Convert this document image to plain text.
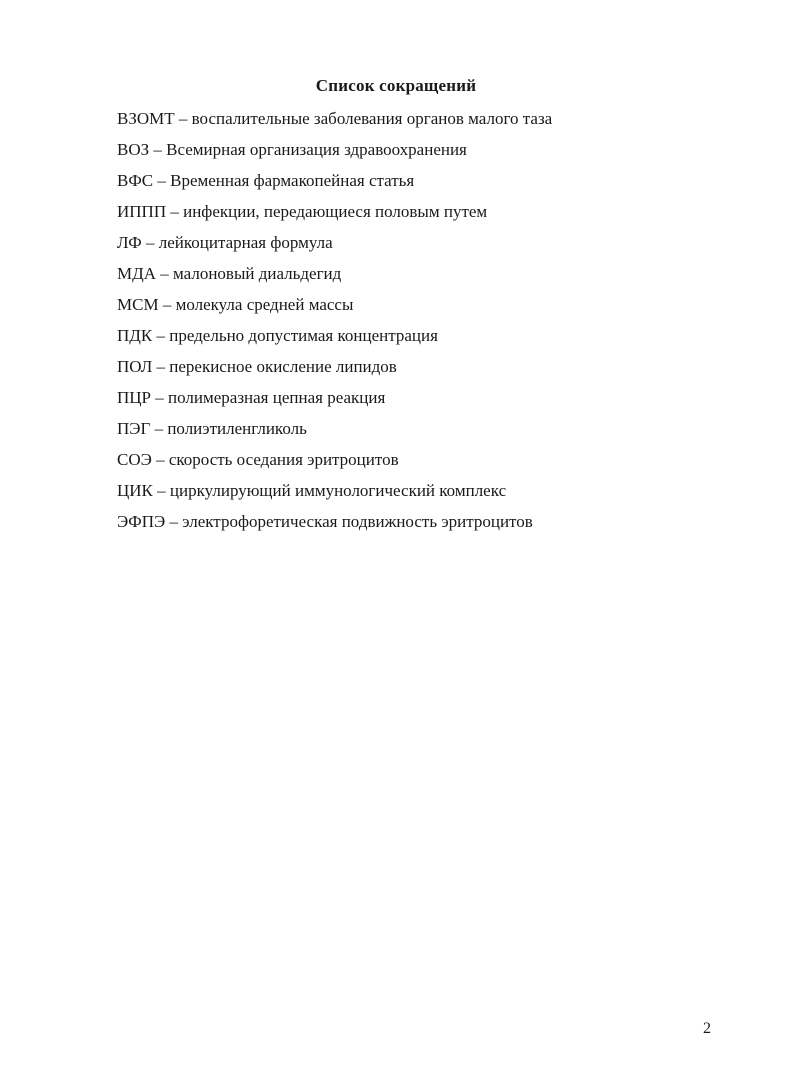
Список сокращений
ВЗОМТ – воспалительные заболевания органов малого таза
ВОЗ – Всемирная организация здравоохранения
ВФС – Временная фармакопейная статья
ИППП – инфекции, передающиеся половым путем
ЛФ – лейкоцитарная формула
МДА – малоновый диальдегид
МСМ – молекула средней массы
ПДК – предельно допустимая концентрация
ПОЛ – перекисное окисление липидов
ПЦР – полимеразная цепная реакция
ПЭГ – полиэтиленгликоль
СОЭ – скорость оседания эритроцитов
ЦИК – циркулирующий иммунологический комплекс
ЭФПЭ – электрофоретическая подвижность эритроцитов
2
